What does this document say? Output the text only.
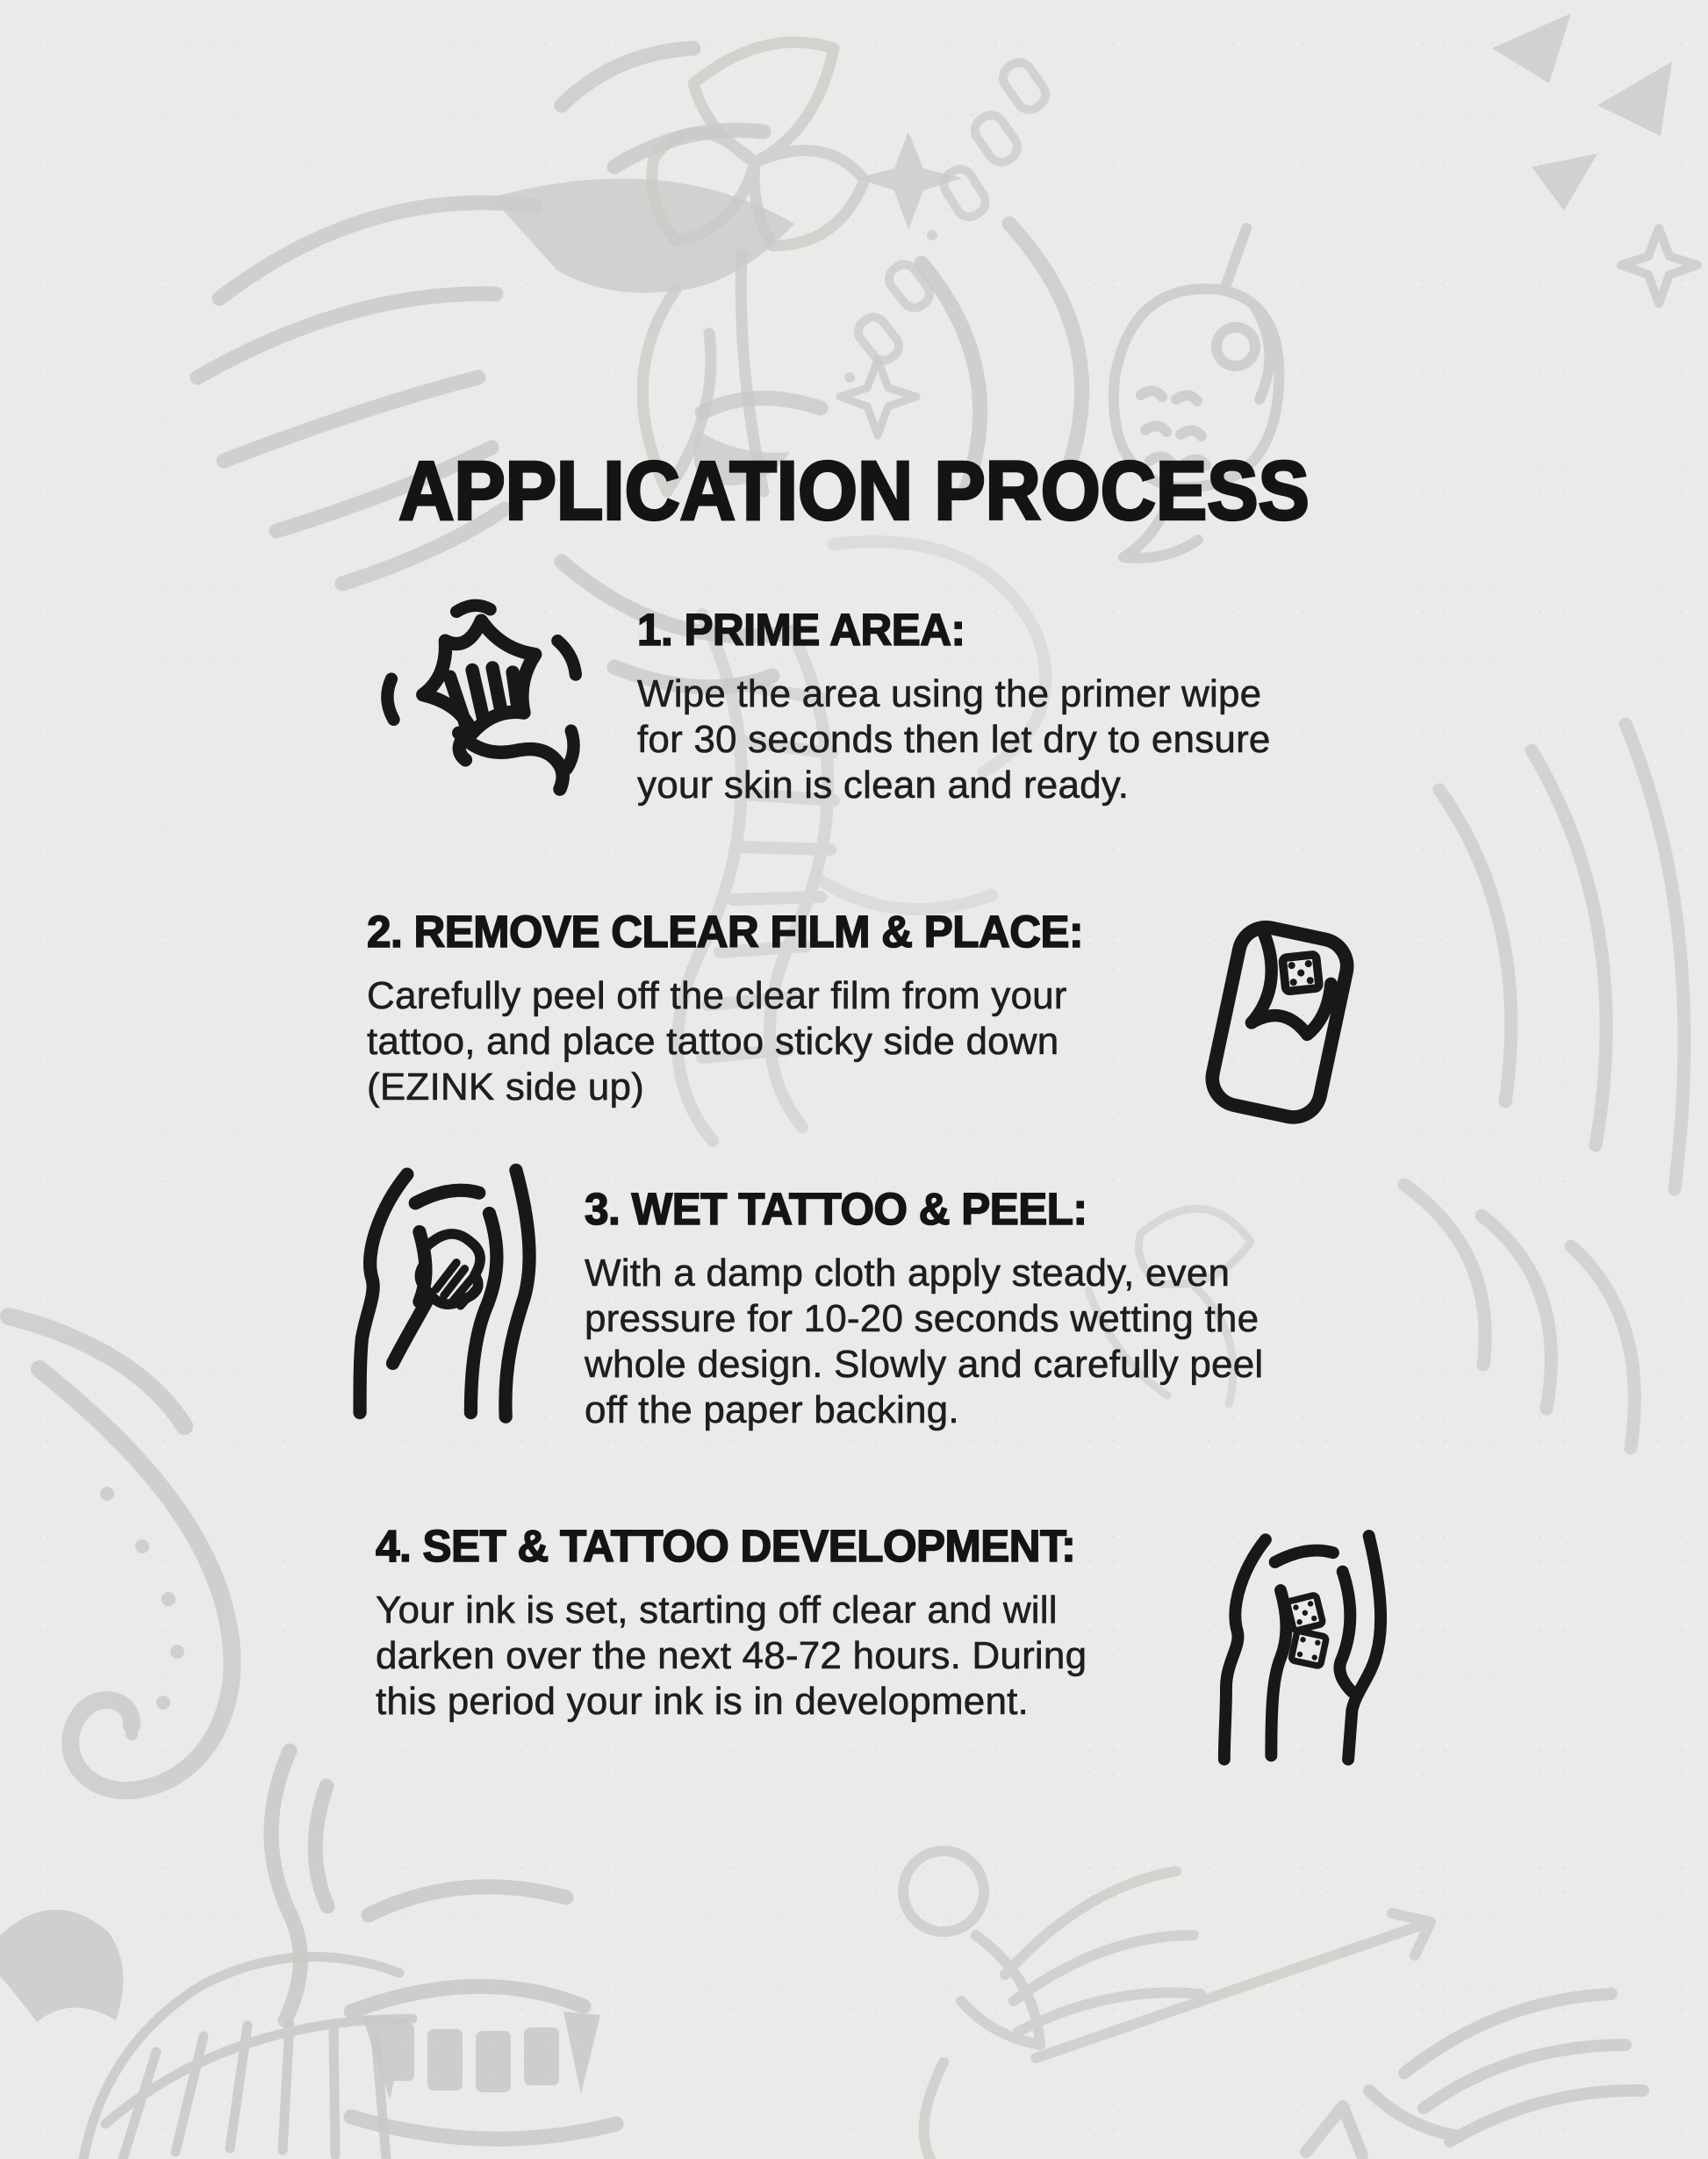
APPLICATION PROCESS
1. PRIME AREA:
Wipe the area using the primer wipe
for 30 seconds then let dry to ensure
your skin is clean and ready.
2. REMOVE CLEAR FILM & PLACE:
Carefully peel off the clear film from your
tattoo, and place tattoo sticky side down
(EZINK side up)
3. WET TATTOO & PEEL:
With a damp cloth apply steady, even
pressure for 10-20 seconds wetting the
whole design. Slowly and carefully peel
off the paper backing.
4. SET & TATTOO DEVELOPMENT:
Your ink is set, starting off clear and will
darken over the next 48-72 hours. During
this period your ink is in development.
